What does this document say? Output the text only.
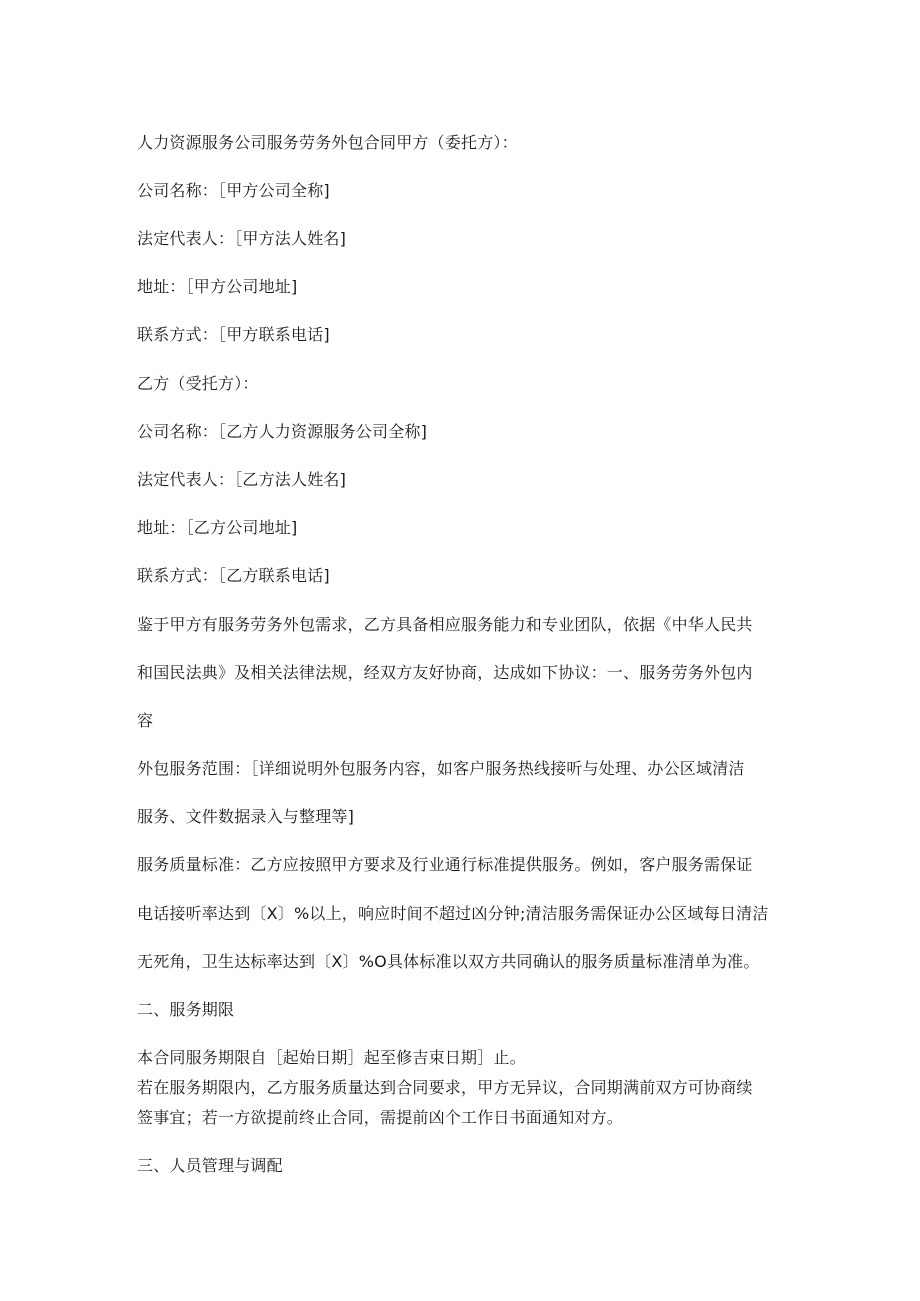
人力资源服务公司服务劳务外包合同甲方（委托方）：
公司名称：［甲方公司全称]
法定代表人：［甲方法人姓名]
地址：［甲方公司地址]
联系方式：［甲方联系电话]
乙方（受托方）：
公司名称：［乙方人力资源服务公司全称]
法定代表人：［乙方法人姓名]
地址：［乙方公司地址]
联系方式：［乙方联系电话]
鉴于甲方有服务劳务外包需求，乙方具备相应服务能力和专业团队，依据《中华人民共
和国民法典》及相关法律法规，经双方友好协商，达成如下协议：一、服务劳务外包内
容
外包服务范围：［详细说明外包服务内容，如客户服务热线接听与处理、办公区域清洁
服务、文件数据录入与整理等]
服务质量标准：乙方应按照甲方要求及行业通行标准提供服务。例如，客户服务需保证
电话接听率达到〔X〕%以上，响应时间不超过凶分钟;清洁服务需保证办公区域每日清洁
无死角，卫生达标率达到〔X〕%O具体标准以双方共同确认的服务质量标准清单为准。
二、服务期限
本合同服务期限自［起始日期］起至修吉束日期］止。
若在服务期限内，乙方服务质量达到合同要求，甲方无异议，合同期满前双方可协商续
签事宜；若一方欲提前终止合同，需提前凶个工作日书面通知对方。
三、人员管理与调配
